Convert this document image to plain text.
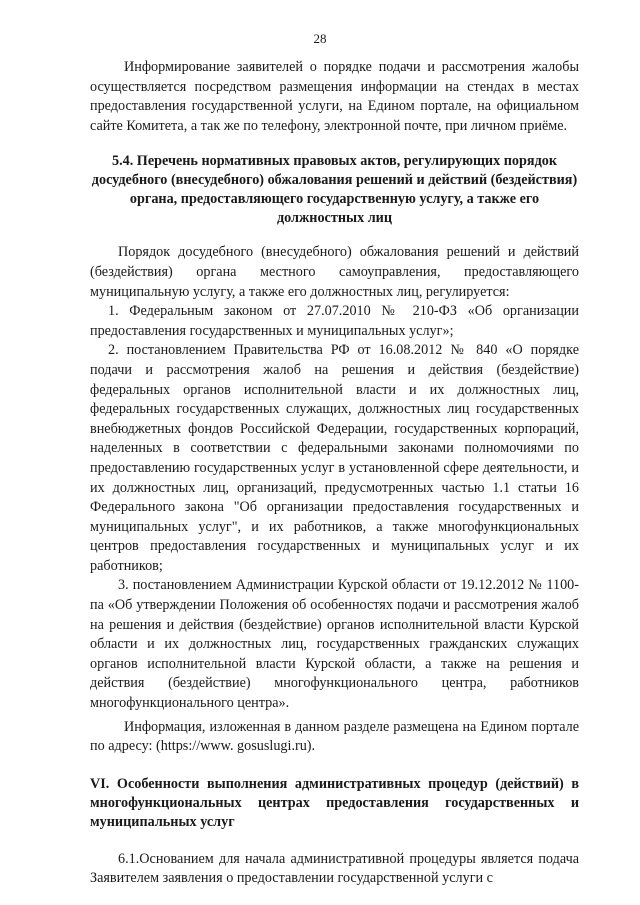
28

Информирование заявителей о порядке подачи и рассмотрения жалобы осуществляется посредством размещения информации на стендах в местах предоставления государственной услуги, на Едином портале, на официальном сайте Комитета, а так же по телефону, электронной почте, при личном приёме.

5.4. Перечень нормативных правовых актов, регулирующих порядок досудебного (внесудебного) обжалования решений и действий (бездействия) органа, предоставляющего государственную услугу, а также его должностных лиц

Порядок досудебного (внесудебного) обжалования решений и действий (бездействия) органа местного самоуправления, предоставляющего муниципальную услугу, а также его должностных лиц, регулируется:

1. Федеральным законом от 27.07.2010 № 210-ФЗ «Об организации предоставления государственных и муниципальных услуг»;

2. постановлением Правительства РФ от 16.08.2012 № 840 «О порядке подачи и рассмотрения жалоб на решения и действия (бездействие) федеральных органов исполнительной власти и их должностных лиц, федеральных государственных служащих, должностных лиц государственных внебюджетных фондов Российской Федерации, государственных корпораций, наделенных в соответствии с федеральными законами полномочиями по предоставлению государственных услуг в установленной сфере деятельности, и их должностных лиц, организаций, предусмотренных частью 1.1 статьи 16 Федерального закона "Об организации предоставления государственных и муниципальных услуг", и их работников, а также многофункциональных центров предоставления государственных и муниципальных услуг и их работников;

3. постановлением Администрации Курской области от 19.12.2012 № 1100-па «Об утверждении Положения об особенностях подачи и рассмотрения жалоб на решения и действия (бездействие) органов исполнительной власти Курской области и их должностных лиц, государственных гражданских служащих органов исполнительной власти Курской области, а также на решения и действия (бездействие) многофункционального центра, работников многофункционального центра».

Информация, изложенная в данном разделе размещена на Едином портале по адресу: (https://www. gosuslugi.ru).

VI. Особенности выполнения административных процедур (действий) в многофункциональных центрах предоставления государственных и муниципальных услуг

6.1.Основанием для начала административной процедуры является подача Заявителем заявления о предоставлении государственной услуги с
